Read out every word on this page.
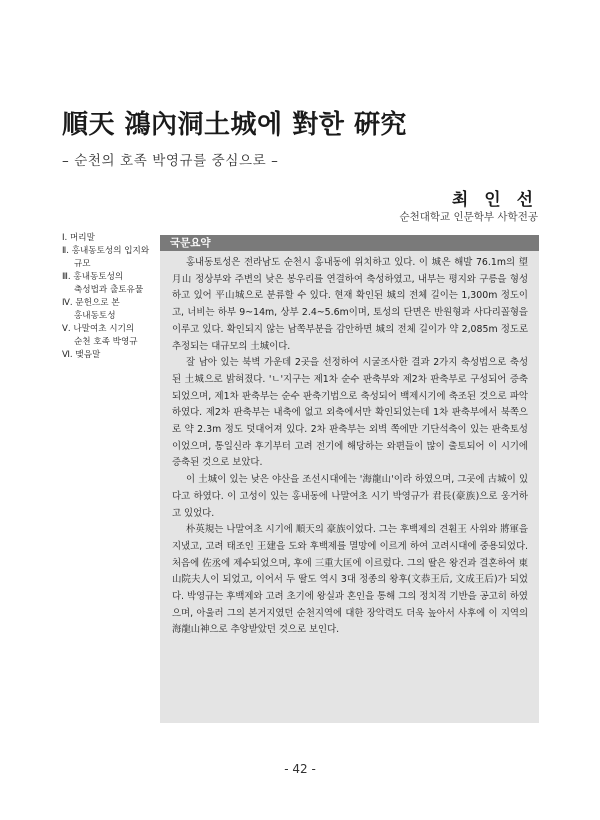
順天 鴻內洞土城에 對한 硏究
– 순천의 호족 박영규를 중심으로 –
최 인 선
순천대학교 인문학부 사학전공
Ⅰ. 머리말
Ⅱ. 홍내동토성의 입지와
규모
Ⅲ. 홍내동토성의
축성법과 출토유물
Ⅳ. 문헌으로 본
홍내동토성
Ⅴ. 나말여초 시기의
순천 호족 박영규
Ⅵ. 맺음말
국문요약

홍내동토성은 전라남도 순천시 홍내동에 위치하고 있다. 이 城은 해발 76.1m의 望月山 정상부와 주변의 낮은 봉우리를 연결하여 축성하였고, 내부는 평지와 구릉을 형성하고 있어 平山城으로 분류할 수 있다. 현재 확인된 城의 전체 길이는 1,300m 정도이고, 너비는 하부 9~14m, 상부 2.4~5.6m이며, 토성의 단면은 반원형과 사다리꼴형을 이루고 있다. 확인되지 않는 남쪽부분을 감안하면 城의 전체 길이가 약 2,085m 정도로 추정되는 대규모의 土城이다.

잘 남아 있는 북벽 가운데 2곳을 선정하여 시굴조사한 결과 2가지 축성법으로 축성된 土城으로 밝혀졌다. 'ㄴ'지구는 제1차 순수 판축부와 제2차 판축부로 구성되어 증축되었으며, 제1차 판축부는 순수 판축기법으로 축성되어 백제시기에 축조된 것으로 파악하였다. 제2차 판축부는 내축에 없고 외축에서만 확인되었는데 1차 판축부에서 북쪽으로 약 2.3m 정도 덧대어져 있다. 2차 판축부는 외벽 쪽에만 기단석축이 있는 판축토성이었으며, 통일신라 후기부터 고려 전기에 해당하는 와편들이 많이 출토되어 이 시기에 증축된 것으로 보았다.

이 土城이 있는 낮은 야산을 조선시대에는 '海龍山'이라 하였으며, 그곳에 古城이 있다고 하였다. 이 고성이 있는 홍내동에 나말여초 시기 박영규가 君長(豪族)으로 웅거하고 있었다.

朴英規는 나말여초 시기에 順天의 豪族이었다. 그는 후백제의 견훤王 사위와 將軍을 지냈고, 고려 태조인 王建을 도와 후백제를 멸망에 이르게 하여 고려시대에 중용되었다. 처음에 佐丞에 제수되었으며, 후에 三重大匡에 이르렀다. 그의 딸은 왕건과 결혼하여 東山院夫人이 되었고, 이어서 두 딸도 역시 3대 정종의 왕후(文恭王后, 文成王后)가 되었다. 박영규는 후백제와 고려 초기에 왕실과 혼인을 통해 그의 정치적 기반을 공고히 하였으며, 아울러 그의 본거지였던 순천지역에 대한 장악력도 더욱 높아서 사후에 이 지역의 海龍山神으로 추앙받았던 것으로 보인다.

- 42 -
